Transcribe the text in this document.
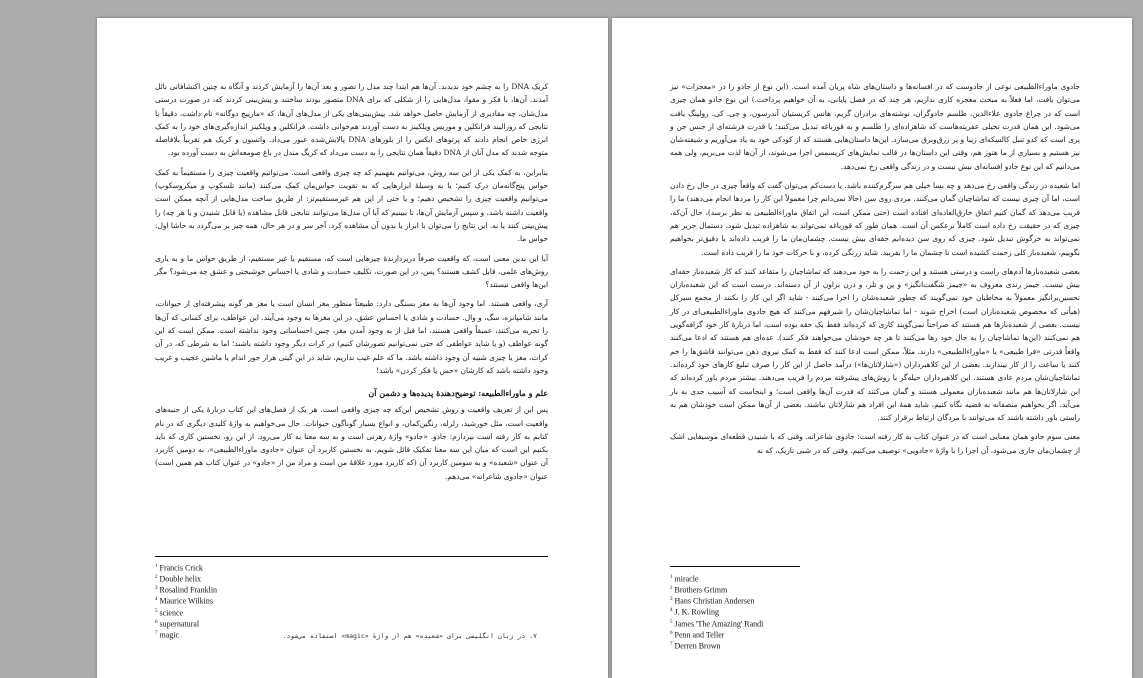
کریک DNA را به چشم خود ندیدند. آن‌ها هم ابتدا چند مدل را تصور و بعد آن‌ها را آزمایش کردند و آنگاه به چنین اکتشافاتی نائل آمدند. آن‌ها، با فکر و مقوا، مدل‌هایی را از شکلی که برای DNA متصور بودند ساختند و پیش‌بینی کردند که، در صورت درستی مدل‌شان، چه مقادیری از آزمایش حاصل خواهد شد. پیش‌بینی‌های یکی از مدل‌های آن‌ها، که «مارپیچ دوگانه» نام داشت، دقیقاً با نتایجی که روزالیند فرانکلین و موریس ویلکینز به دست آوردند هم‌خوانی داشت. فرانکلین و ویلکینز اندازه‌گیری‌های خود را به کمک انرژی خاص انجام دادند که پرتوهای ایکس را از بلورهای DNA پالایش‌شده عبور می‌داد. واتسون و کریک هم تقریباً بلافاصله متوجه شدند که مدل آنان از DNA دقیقاً همان نتایجی را به دست می‌داد که کریگ مندل در باغ صومعه‌اش به دست آورده بود.

بنابراین، به کمک یکی از این سه روش، می‌توانیم بفهمیم که چه چیزی واقعی است. می‌توانیم واقعیت چیزی را مستقیماً به کمک حواس پنج‌گانه‌مان درک کنیم؛ یا به وسیلهٔ ابزارهایی که به تقویت حواس‌مان کمک می‌کنند (مانند تلسکوپ و میکروسکوپ) می‌توانیم واقعیت چیزی را تشخیص دهیم؛ و یا حتی از این هم غیرمستقیم‌تر: از طریق ساخت مدل‌هایی از آنچه ممکن است واقعیت داشته باشد، و سپس آزمایش آن‌ها، تا ببینیم که آیا آن مدل‌ها می‌توانند نتایجی قابل مشاهده (یا قابل شنیدن و یا هر چه) را پیش‌بینی کنند یا نه. این نتایج را می‌توان با ابزار یا بدون آن مشاهده کرد. آخر سر و در هر حال، همه چیز بر می‌گردد به حاشا اول: حواس ما.

آیا این بدین معنی است، که واقعیت صرفاً دربردارندهٔ چیزهایی است که، مستقیم یا غیر مستقیم، از طریق حواس ما و به یاری روش‌های علمی، قابل کشف هستند؟ پس، در این صورت، تکلیف حسادت و شادی یا احساس خوشبختی و عشق چه می‌شود؟ مگر این‌ها واقعی نیستند؟

آری، واقعی هستند. اما وجود آن‌ها به مغز بستگی دارد: طبیعتاً منظور مغز انسان است یا مغز هر گونه پیشرفته‌ای از حیوانات، مانند شامپانزه، سگ، و وال. حسادت و شادی یا احساس عشق، در این مغزها به وجود می‌آیند. این عواطف، برای کسانی که آن‌ها را تجربه می‌کنند، عمیقاً واقعی هستند، اما قبل از به وجود آمدن مغز، چنین احساساتی وجود نداشته است. ممکن است که این گونه عواطف (و یا شاید عواطفی که حتی نمی‌توانیم تصورشان کنیم) در کرات دیگر وجود داشته باشند؛ اما به شرطی که، در آن کرات، مغز یا چیزی شبیه آن وجود داشته باشد. ما که علم غیب نداریم، شاید در این گیتی هزار جور اندام یا ماشین عجیب و غریب وجود داشته باشد که کارشان «حس یا فکر کردن» باشد!

علم و ماوراءالطبیعه: توضیح‌دهندهٔ پدیده‌ها و دشمن آن

پس این از تعریف واقعیت و روش تشخیص این‌که چه چیزی واقعی است. هر یک از فصل‌های این کتاب دربارهٔ یکی از جنبه‌های واقعیت است، مثل خورشید، زلزله، رنگین‌کمان، و انواع بسیار گوناگون حیوانات. حال می‌خواهیم به واژهٔ کلیدی دیگری که در نام کتابم به کار رفته است بپردازم: جادو. «جادو» واژهٔ رهزنی است و به سه معنا به کار می‌رود. از این رو، نخستین کاری که باید بکنیم این است که میان این سه معنا تفکیک قائل شویم. به نخستین کاربرد آن عنوان «جادوی ماوراءالطبیعی»، به دومین کاربرد آن عنوان «شعبده» و به سومین کاربرد آن (که کاربرد مورد علاقهٔ من است و مراد من از «جادو» در عنوان کتاب هم همین است) عنوان «جادوی شاعرانه» می‌دهم.

$^1$ Francis Crick
$^2$ Double helix
$^3$ Rosalind Franklin
$^4$ Maurice Wilkins
$^5$ science
$^6$ supernatural
$^7$ magic	۷. در زبان انگلیسی برای «شعبده» هم از واژهٔ «magic» استفاده می‌شود.

جادوی ماوراءالطبیعی نوعی از جادوست که در افسانه‌ها و داستان‌های شاه پریان آمده است. (این نوع از جادو را در «معجزات» نیز می‌توان یافت، اما فعلاً به مبحث معجزه کاری نداریم، هر چند که در فصل پایانی، به آن خواهیم پرداخت.) این نوع جادو همان چیزی است که در چراغ جادوی علاءالدین، طلسم جادوگران، نوشته‌های برادران گریم، هانس کریستیان آندرسون، و جی. کی. رولینگ یافت می‌شود. این همان قدرت تخیلی عفریته‌هاست که شاهزاده‌ای را طلسم و به قورباغه تبدیل می‌کنند؛ یا قدرت فرشته‌ای از جنس جن و پری است که کدو تنبل کالسکه‌ای زیبا و پر زرق‌وبرق می‌سازد. این‌ها داستان‌هایی هستند که از کودکی خود به یاد می‌آوریم و شیفته‌شان نیز هستیم و بسیاری از ما هنوز هم، وقتی این داستان‌ها در قالب نمایش‌های کریسمس اجرا می‌شوند، از آن‌ها لذت می‌بریم، ولی همه می‌دانیم که این نوع جادو افسانه‌ای بیش نیست و در زندگی واقعی رخ نمی‌دهد.

اما شعبده در زندگی واقعی رخ می‌دهد و چه بسا خیلی هم سرگرم‌کننده باشد. یا دست‌کم می‌توان گفت که واقعاً چیزی در حال رخ دادن است، اما آن چیزی نیست که تماشاچیان گمان می‌کنند. مردی روی سن (حالا نمی‌دانم چرا معمولاً این کار را مردها انجام می‌دهند) ما را فریب می‌دهد که گمان کنیم اتفاق خارق‌العاده‌ای افتاده است (حتی ممکن است، این اتفاق ماوراءالطبیعی به نظر برسد)، حال آن‌که، چیزی که در حقیقت رخ داده است کاملاً برعکس آن است. همان طور که قورباغه نمی‌تواند به شاهزاده تبدیل شود، دستمال حریر هم نمی‌تواند به خرگوش تبدیل شود. چیزی که روی سن دیده‌ایم حقه‌ای بیش نیست. چشمان‌مان ما را فریب داده‌اند یا دقیق‌تر بخواهیم بگوییم، شعبده‌باز کلی زحمت کشیده است تا چشمان ما را بفریبد. شاید زرنگی کرده، و با حرکات خود ما را فریب داده است.

بعضی شعبده‌بازها آدم‌های راست و درستی هستند و این زحمت را به خود می‌دهند که تماشاچیان را متقاعد کنند که کار شعبده‌باز حقه‌ای بیش نیست. جیمز رندی معروف به «جیمز شگفت‌انگیز» و پن و تلر، و درن براون از آن دسته‌اند. درست است که این شعبده‌بازان تحسین‌برانگیز معمولاً به مخاطبان خود نمی‌گویند که چطور شعبده‌شان را اجرا می‌کنند - شاید اگر این کار را بکنند از مجمع سیرکل (هیأتی که مخصوص شعبده‌بازان است) اخراج شوند - اما تماشاچیان‌شان را شیرفهم می‌کنند که هیچ جادوی ماوراءالطبیعی‌ای در کار نیست. بعضی از شعبده‌بازها هم هستند که صراحتاً نمی‌گویند کاری که کرده‌اند فقط یک حقه بوده است، اما دربارهٔ کار خود گزافه‌گویی هم نمی‌کنند (این‌ها تماشاچیان را به حال خود رها می‌کنند تا هر چه خودشان می‌خواهند فکر کنند). عده‌ای هم هستند که ادعا می‌کنند واقعاً قدرتی «فرا طبیعی» یا «ماوراءالطبیعی» دارند. مثلاً، ممکن است ادعا کنند که فقط به کمک نیروی ذهن می‌توانند قاشق‌ها را خم کنند یا ساعت را از کار بیندازند. بعضی از این کلاهبرداران («شارلاتان‌ها») درآمد حاصل از این کار را صرف تبلیغ کارهای خود کرده‌اند. تماشاچیان‌شان مردم عادی هستند. این کلاهبرداران حیله‌گر با روش‌های پیشرفته مردم را فریب می‌دهند. بیشتر مردم باور کرده‌اند که این شارلاتان‌ها هم مانند شعبده‌بازان معمولی هستند و گمان می‌کنند که قدرت آن‌ها واقعی است؛ و اینجاست که آسیب جدی به بار می‌آید. اگر بخواهیم منصفانه به قضیه نگاه کنیم، شاید همهٔ این افراد هم شارلاتان نباشند. بعضی از آن‌ها ممکن است خودشان هم به راستی باور داشته باشند که می‌توانند با مردگان ارتباط برقرار کنند.

معنی سوم جادو همان معنایی است که در عنوان کتاب به کار رفته است: جادوی شاعرانه. وقتی که با شنیدن قطعه‌ای موسیقایی اشک از چشمان‌مان جاری می‌شود، آن اجرا را با واژهٔ «جادویی» توصیف می‌کنیم. وقتی که در شبی تاریک، که نه

$^1$ miracle
$^2$ Brothers Grimm
$^3$ Hans Christian Andersen
$^4$ J. K. Rowling
$^5$ James 'The Amazing' Randi
$^6$ Penn and Teller
$^7$ Derren Brown
